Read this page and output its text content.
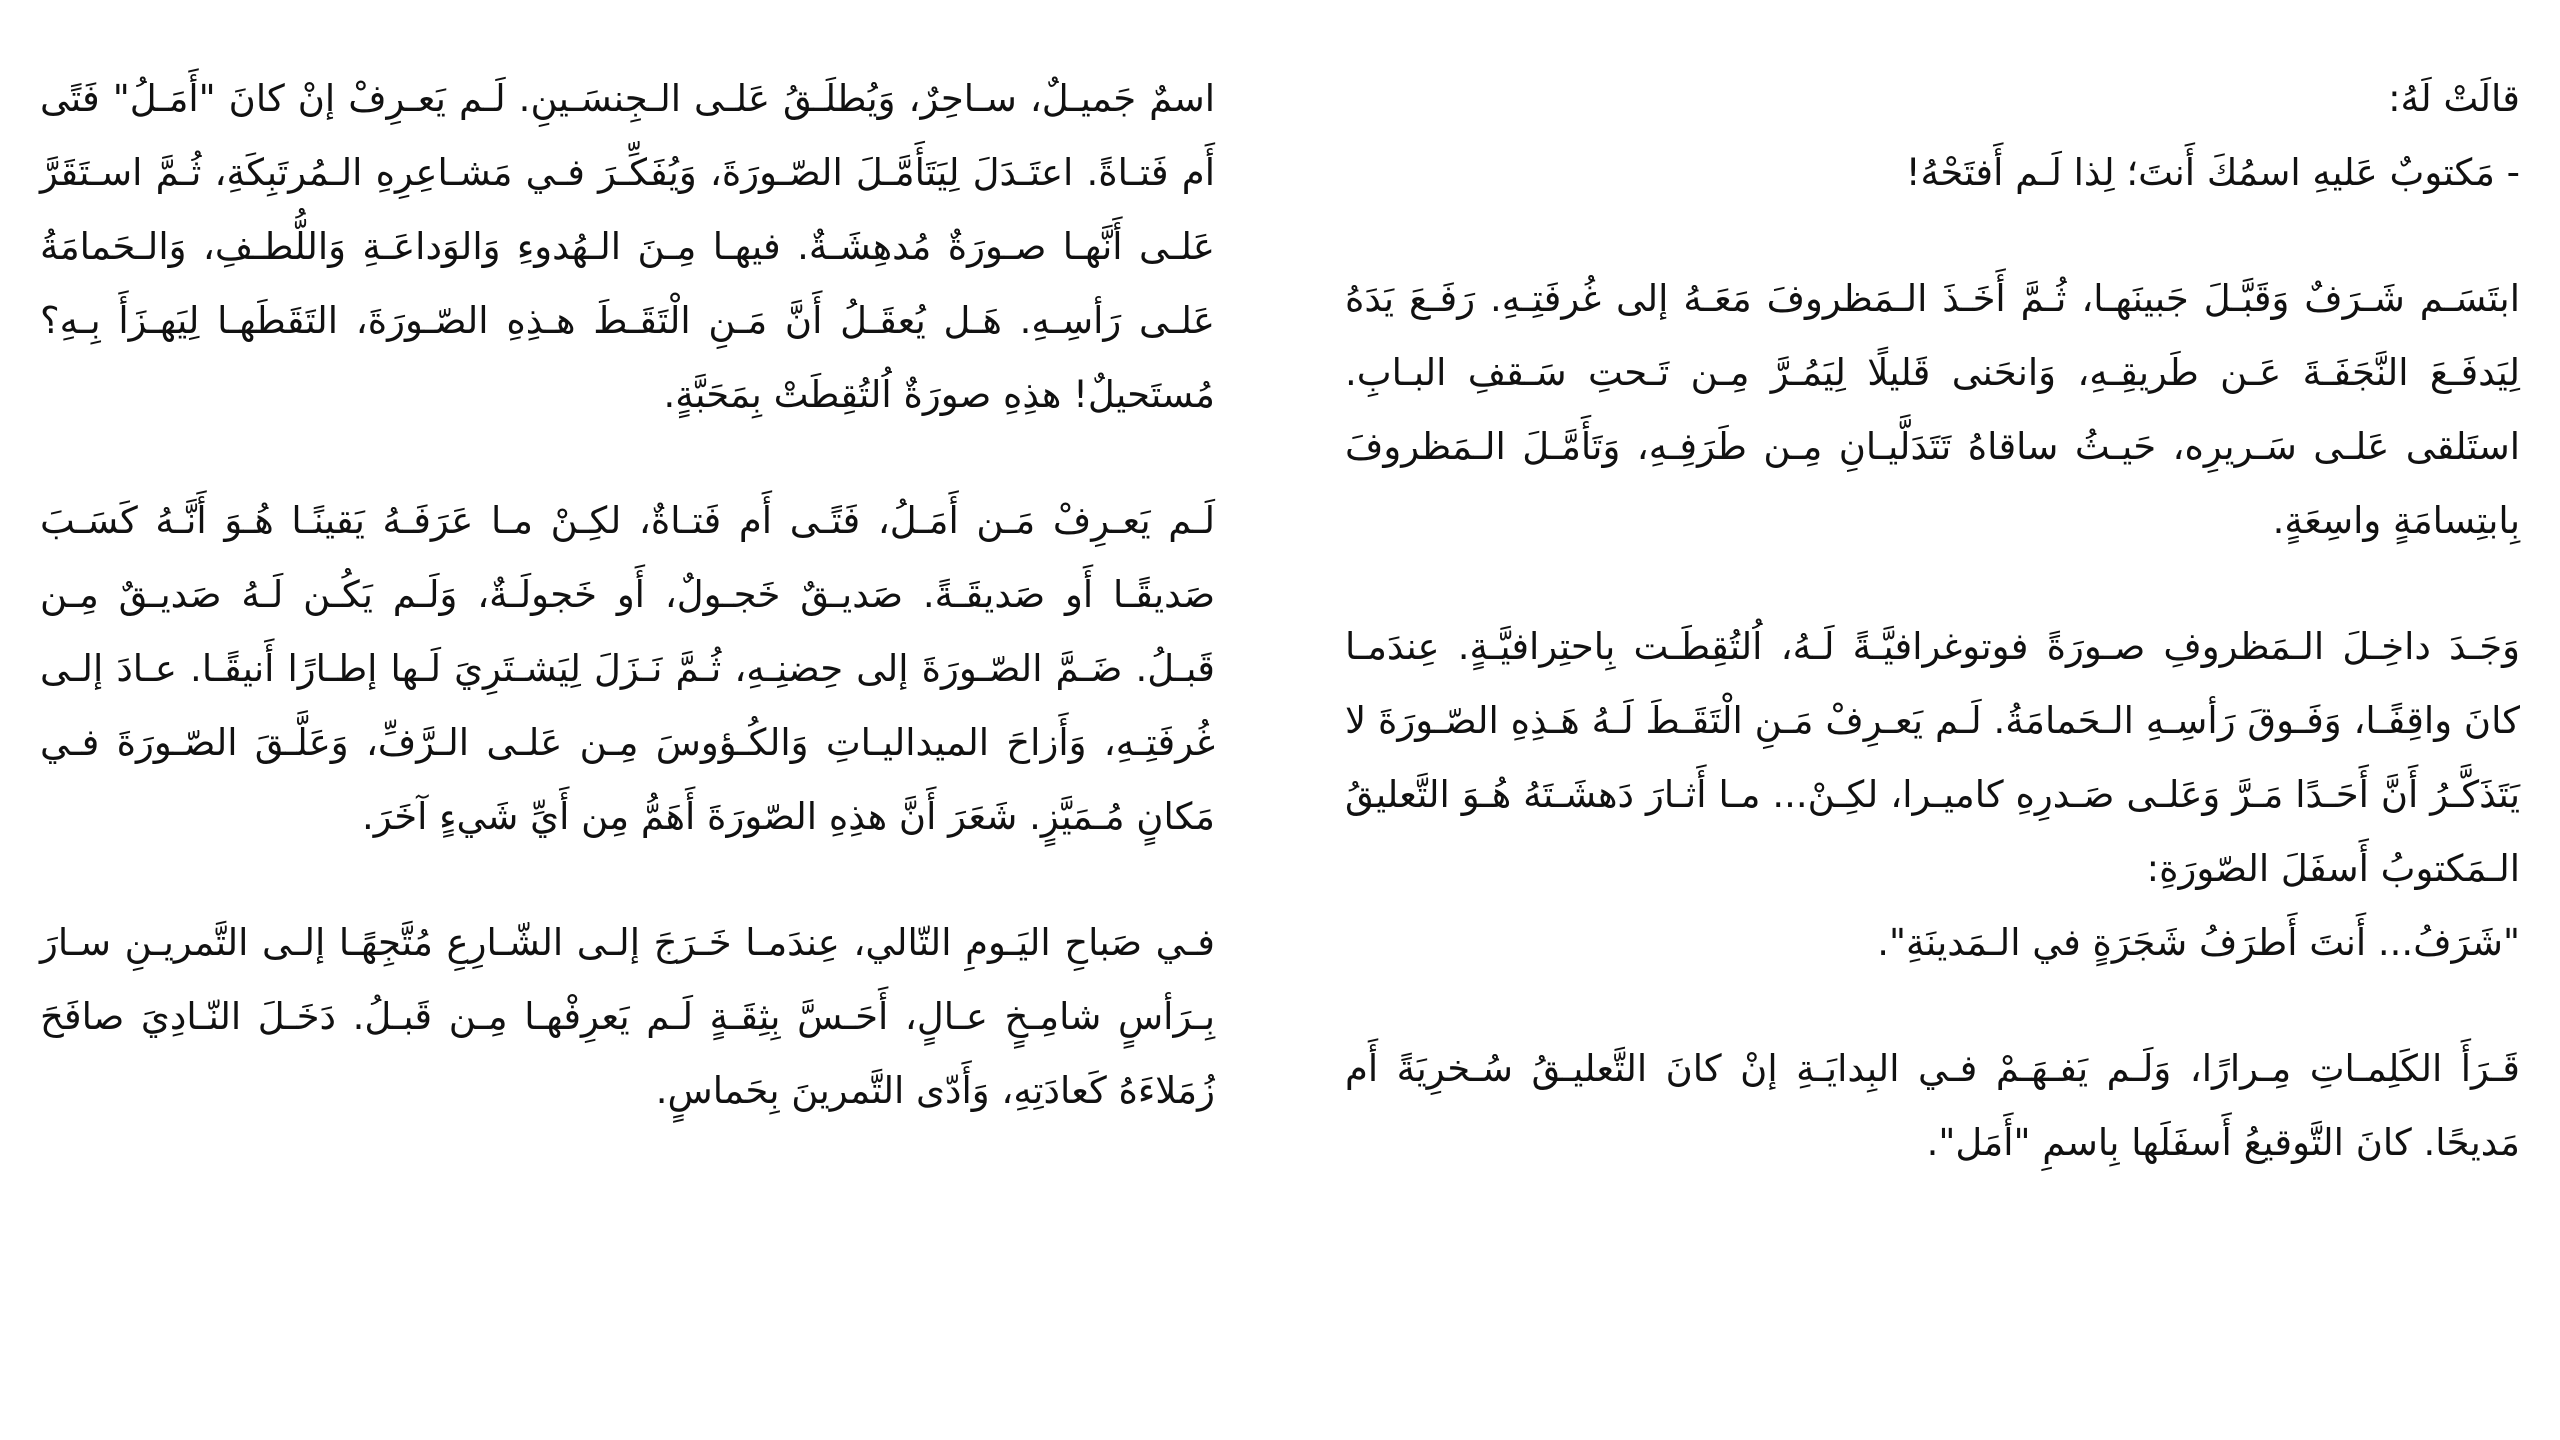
قالَتْ لَهُ:

- مَكتوبٌ عَليهِ اسمُكَ أَنتَ؛ لِذا لَـم أَفتَحْهُ!

ابتَسَـم شَـرَفٌ وَقَبَّـلَ جَبينَهـا، ثُـمَّ أَخَـذَ الـمَظروفَ مَعَـهُ إلى غُرفَتِـهِ. رَفَـعَ يَدَهُ لِيَدفَـعَ النَّجَفَـةَ عَـن طَريقِـهِ، وَانحَنى قَليلًا لِيَمُـرَّ مِـن تَـحتِ سَـقفِ البـابِ. استَلقى عَلـى سَـريرِه، حَيـثُ ساقاهُ تَتَدَلَّيـانِ مِـن طَرَفِـهِ، وَتَأَمَّـلَ الـمَظروفَ بِابتِسامَةٍ واسِعَةٍ.

وَجَـدَ داخِـلَ الـمَظروفِ صـورَةً فوتوغرافيَّـةً لَـهُ، اُلتُقِطَـت بِاحتِرافيَّـةٍ. عِندَمـا كانَ واقِفًـا، وَفَـوقَ رَأسِـهِ الـحَمامَةُ. لَـم يَعـرِفْ مَـنِ الْتَقَـطَ لَـهُ هَـذِهِ الصّـورَةَ لا يَتَذَكَّـرُ أَنَّ أَحَـدًا مَـرَّ وَعَلـى صَـدرِهِ كاميـرا، لكِـنْ... مـا أَثـارَ دَهشَـتَهُ هُـوَ التَّعليقُ الـمَكتوبُ أَسفَلَ الصّورَةِ:

"شَرَفُ... أَنتَ أَطرَفُ شَجَرَةٍ في الـمَدينَةِ".

قَـرَأَ الكَلِمـاتِ مِـرارًا، وَلَـم يَفـهَـمْ فـي البِدايَـةِ إنْ كانَ التَّعليـقُ سُـخرِيَةً أَم مَديحًا. كانَ التَّوقيعُ أَسفَلَها بِاسمِ "أَمَل".

اسمٌ جَميـلٌ، سـاحِرٌ، وَيُطلَـقُ عَلـى الـجِنسَـينِ. لَـم يَعـرِفْ إنْ كانَ "أَمَـلُ" فَتًى أَم فَتـاةً. اعتَـدَلَ لِيَتَأَمَّـلَ الصّـورَةَ، وَيُفَكِّـرَ فـي مَشـاعِرِهِ الـمُرتَبِكَةِ، ثُـمَّ اسـتَقَرَّ عَلـى أَنَّهـا صـورَةٌ مُدهِشَـةٌ. فيهـا مِـنَ الـهُدوءِ وَالوَداعَـةِ وَاللُّطـفِ، وَالـحَمامَةُ عَلـى رَأسِـهِ. هَـل يُعقَـلُ أَنَّ مَـنِ الْتَقَـطَ هـذِهِ الصّـورَةَ، التَقَطَهـا لِيَهـزَأَ بِـهِ؟ مُستَحيلٌ! هذِهِ صورَةٌ اُلتُقِطَتْ بِمَحَبَّةٍ.

لَـم يَعـرِفْ مَـن أَمَـلُ، فَتًـى أَم فَتـاةٌ، لكِـنْ مـا عَرَفَـهُ يَقينًـا هُـوَ أَنَّـهُ كَسَـبَ صَديقًـا أَو صَديقَـةً. صَديـقٌ خَجـولٌ، أَو خَجولَـةٌ، وَلَـم يَكُـن لَـهُ صَديـقٌ مِـن قَبـلُ. ضَـمَّ الصّـورَةَ إلى حِضنِـهِ، ثُـمَّ نَـزَلَ لِيَشـتَرِيَ لَـها إطـارًا أَنيقًـا. عـادَ إلـى غُرفَتِـهِ، وَأَزاحَ الميداليـاتِ وَالكُـؤوسَ مِـن عَلـى الـرَّفِّ، وَعَلَّـقَ الصّـورَةَ فـي مَكانٍ مُـمَيَّزٍ. شَعَرَ أَنَّ هذِهِ الصّورَةَ أَهَمُّ مِن أَيِّ شَيءٍ آخَرَ.

فـي صَباحِ اليَـومِ التّالي، عِندَمـا خَـرَجَ إلـى الشّـارِعِ مُتَّجِهًـا إلـى التَّمريـنِ سـارَ بِـرَأسٍ شامِـخٍ عـالٍ، أَحَـسَّ بِثِقَـةٍ لَـم يَعرِفْهـا مِـن قَبـلُ. دَخَـلَ النّـادِيَ صافَحَ زُمَلاءَهُ كَعادَتِهِ، وَأَدّى التَّمرينَ بِحَماسٍ.
